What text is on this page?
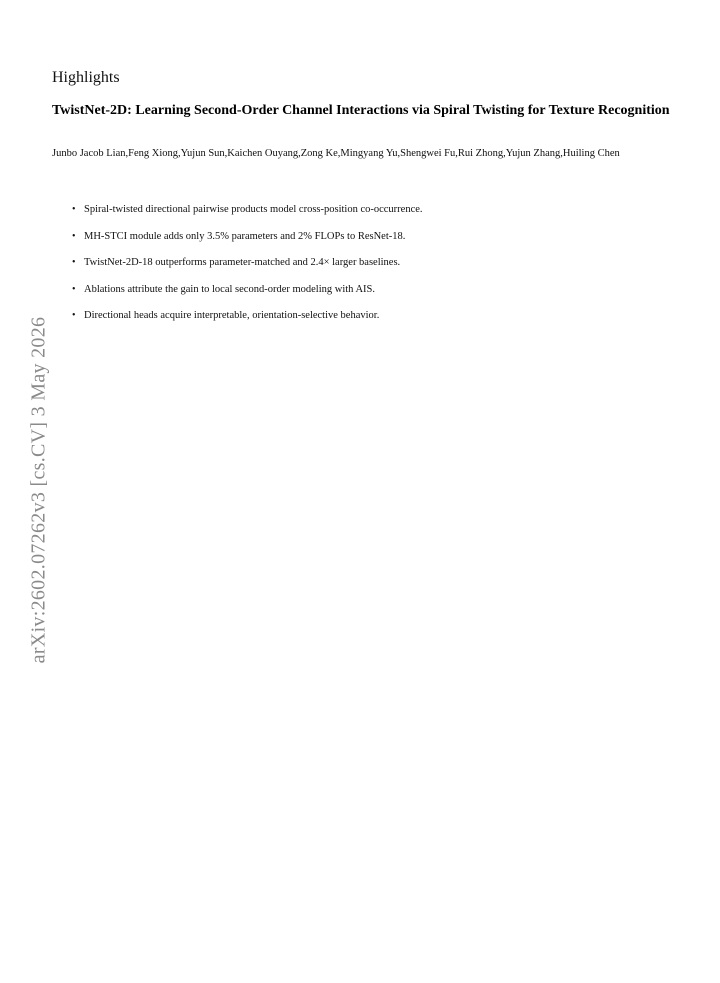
Highlights
TwistNet-2D: Learning Second-Order Channel Interactions via Spiral Twisting for Texture Recognition
Junbo Jacob Lian,Feng Xiong,Yujun Sun,Kaichen Ouyang,Zong Ke,Mingyang Yu,Shengwei Fu,Rui Zhong,Yujun Zhang,Huiling Chen
• Spiral-twisted directional pairwise products model cross-position co-occurrence.
• MH-STCI module adds only 3.5% parameters and 2% FLOPs to ResNet-18.
• TwistNet-2D-18 outperforms parameter-matched and 2.4× larger baselines.
• Ablations attribute the gain to local second-order modeling with AIS.
• Directional heads acquire interpretable, orientation-selective behavior.
arXiv:2602.07262v3 [cs.CV] 3 May 2026
